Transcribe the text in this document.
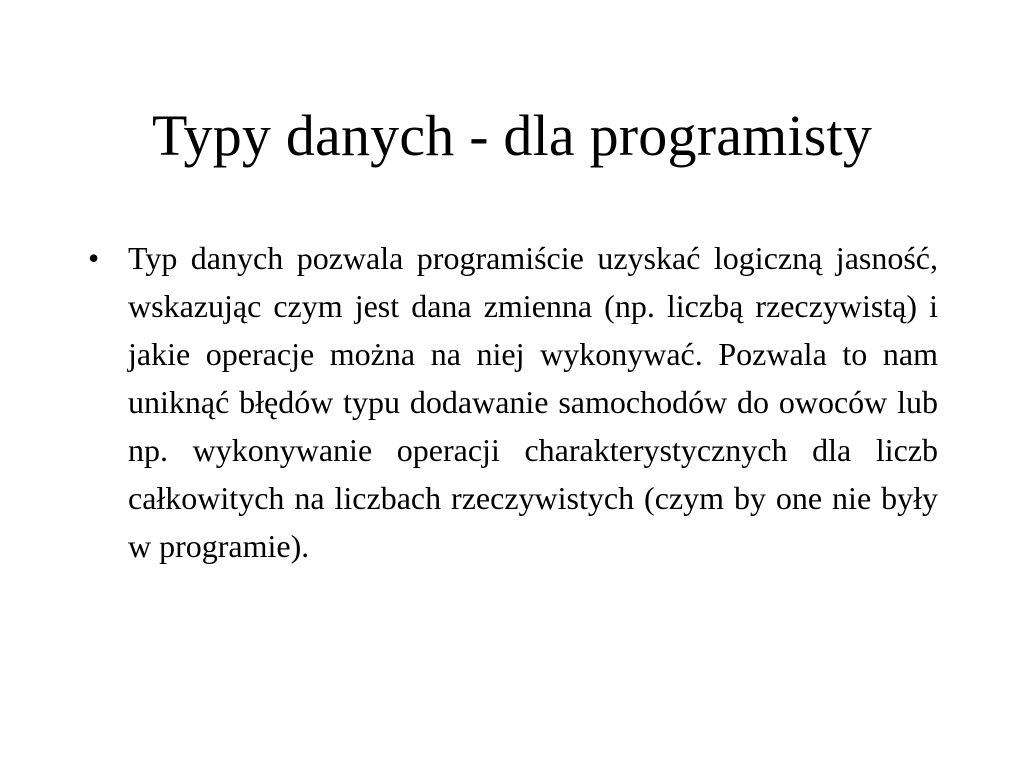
Typy danych - dla programisty
• Typ danych pozwala programiście uzyskać logiczną jasność, wskazując czym jest dana zmienna (np. liczbą rzeczywistą) i jakie operacje można na niej wykonywać. Pozwala to nam uniknąć błędów typu dodawanie samochodów do owoców lub np. wykonywanie operacji charakterystycznych dla liczb całkowitych na liczbach rzeczywistych (czym by one nie były w programie).
